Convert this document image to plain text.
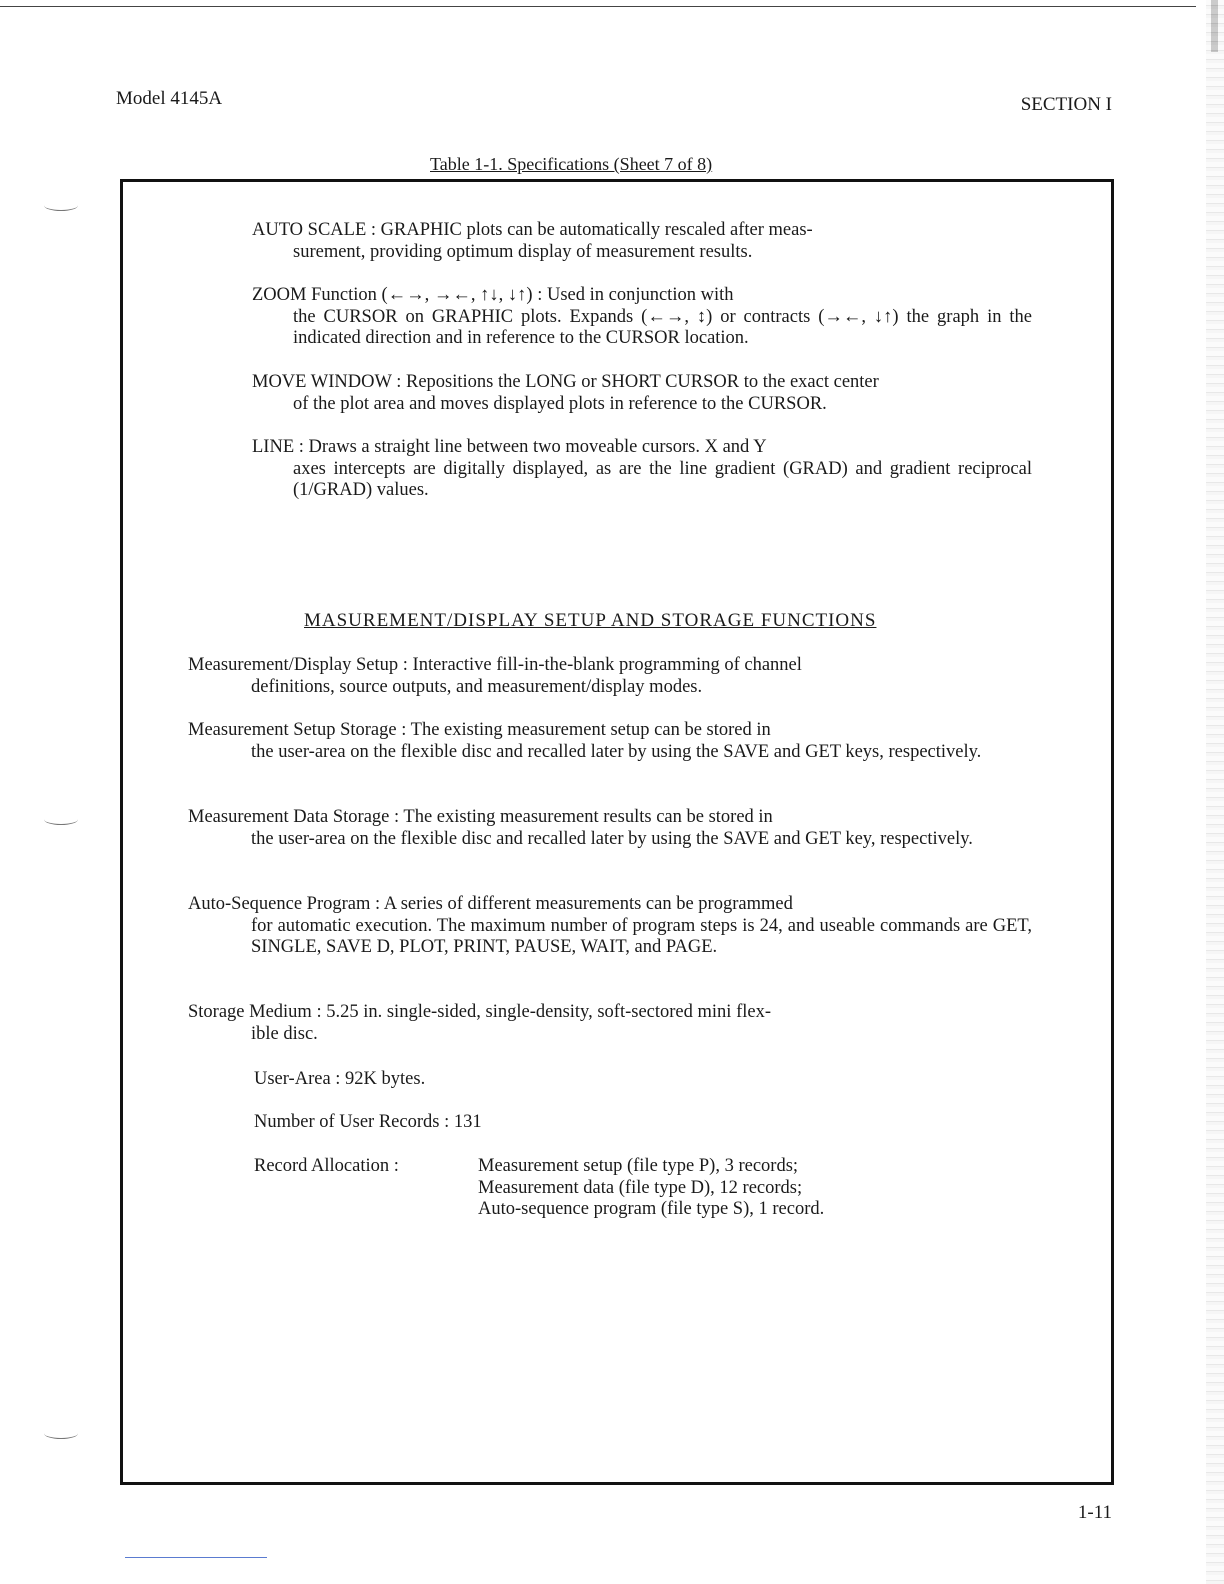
Model 4145A	SECTION I
Table 1-1. Specifications (Sheet 7 of 8)
AUTO SCALE : GRAPHIC plots can be automatically rescaled after meas-
surement, providing optimum display of measurement results.
ZOOM Function (←→, →←, ↑↓, ↓↑) : Used in conjunction with
the CURSOR on GRAPHIC plots. Expands (←→, ↕) or contracts (→←, ↓↑) the graph in the indicated direction and in reference to the CURSOR location.
MOVE WINDOW : Repositions the LONG or SHORT CURSOR to the exact center
of the plot area and moves displayed plots in reference to the CURSOR.
LINE : Draws a straight line between two moveable cursors. X and Y
axes intercepts are digitally displayed, as are the line gradient (GRAD) and gradient reciprocal (1/GRAD) values.
MASUREMENT/DISPLAY SETUP AND STORAGE FUNCTIONS
Measurement/Display Setup : Interactive fill-in-the-blank programming of channel
definitions, source outputs, and measurement/display modes.
Measurement Setup Storage : The existing measurement setup can be stored in
the user-area on the flexible disc and recalled later by using the SAVE and GET keys, respectively.
Measurement Data Storage : The existing measurement results can be stored in
the user-area on the flexible disc and recalled later by using the SAVE and GET key, respectively.
Auto-Sequence Program : A series of different measurements can be programmed
for automatic execution. The maximum number of program steps is 24, and useable commands are GET, SINGLE, SAVE D, PLOT, PRINT, PAUSE, WAIT, and PAGE.
Storage Medium : 5.25 in. single-sided, single-density, soft-sectored mini flex-
ible disc.
User-Area : 92K bytes.
Number of User Records : 131
Record Allocation :	Measurement setup (file type P), 3 records;
Measurement data (file type D), 12 records;
Auto-sequence program (file type S), 1 record.
1-11
